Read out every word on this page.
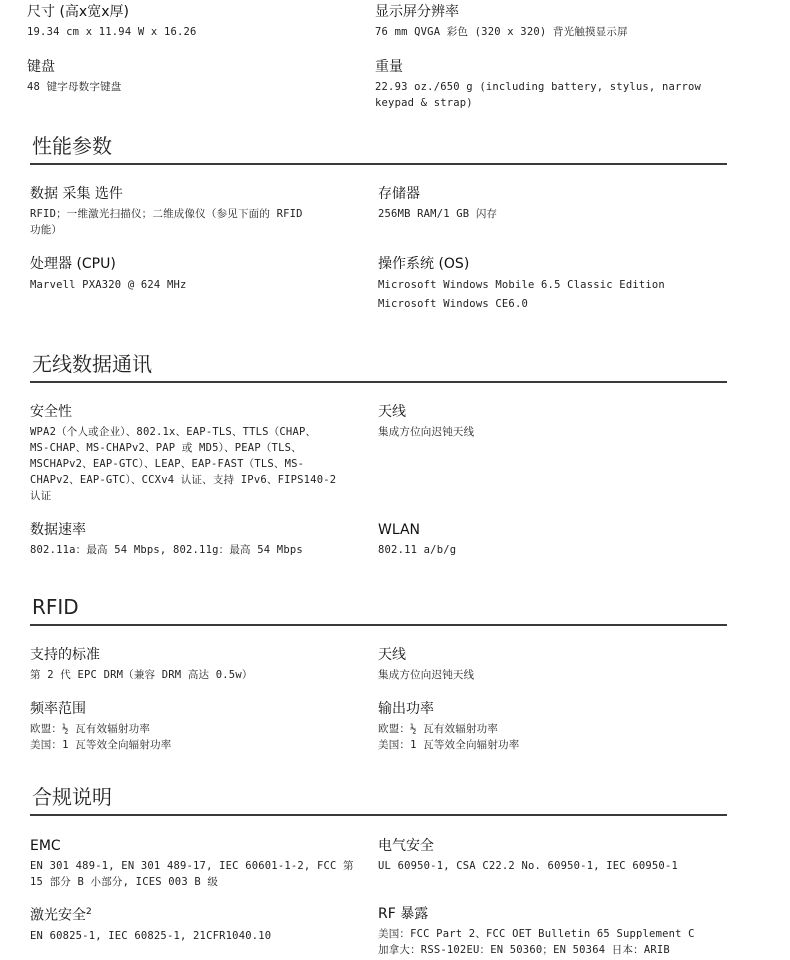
尺寸 (高x宽x厚)
19.34 cm x 11.94 W x 16.26
显示屏分辨率
76 mm QVGA 彩色 (320 x 320) 背光触摸显示屏
键盘
48 键字母数字键盘
重量
22.93 oz./650 g (including battery, stylus, narrow
keypad & strap)
性能参数
数据 采集 选件
RFID；一维激光扫描仪；二维成像仪（参见下面的 RFID
功能）
存储器
256MB RAM/1 GB 闪存
处理器 (CPU)
Marvell PXA320 @ 624 MHz
操作系统 (OS)
Microsoft Windows Mobile 6.5 Classic Edition
Microsoft Windows CE6.0
无线数据通讯
安全性
WPA2（个人或企业）、802.1x、EAP-TLS、TTLS（CHAP、
MS-CHAP、MS-CHAPv2、PAP 或 MD5）、PEAP（TLS、
MSCHAPv2、EAP-GTC）、LEAP、EAP-FAST（TLS、MS-
CHAPv2、EAP-GTC）、CCXv4 认证、支持 IPv6、FIPS140-2
认证
天线
集成方位向迟钝天线
数据速率
802.11a：最高 54 Mbps, 802.11g：最高 54 Mbps
WLAN
802.11 a/b/g
RFID
支持的标准
第 2 代 EPC DRM（兼容 DRM 高达 0.5w）
天线
集成方位向迟钝天线
频率范围
欧盟：½ 瓦有效辐射功率
美国：1 瓦等效全向辐射功率
输出功率
欧盟：½ 瓦有效辐射功率
美国：1 瓦等效全向辐射功率
合规说明
EMC
EN 301 489-1, EN 301 489-17, IEC 60601-1-2, FCC 第
15 部分 B 小部分, ICES 003 B 级
电气安全
UL 60950-1, CSA C22.2 No. 60950-1, IEC 60950-1
激光安全$^2$
EN 60825-1, IEC 60825-1, 21CFR1040.10
RF 暴露
美国：FCC Part 2、FCC OET Bulletin 65 Supplement C
加拿大：RSS-102EU：EN 50360；EN 50364 日本：ARIB
